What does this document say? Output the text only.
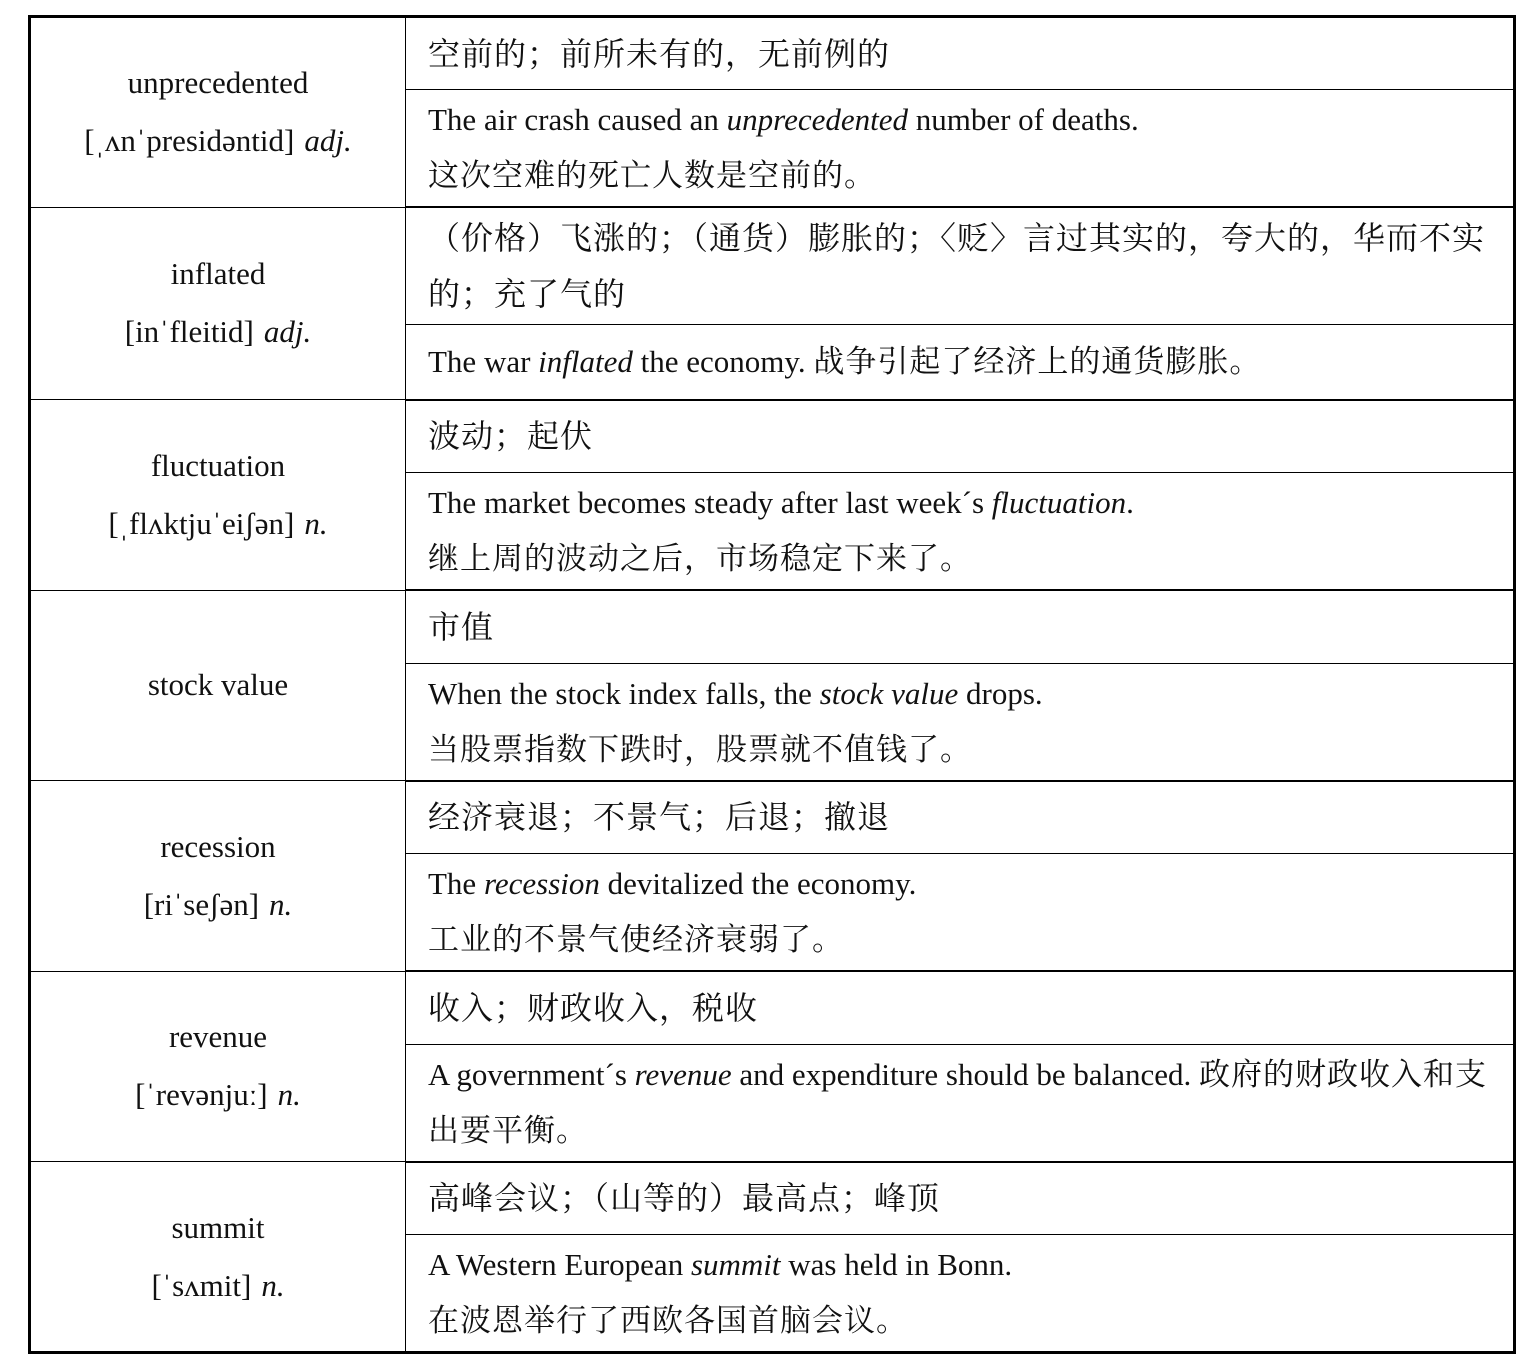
unprecedented
[ˌʌnˈpresidəntid] adj.	空前的；前所未有的，无前例的

	The air crash caused an unprecedented number of deaths.
这次空难的死亡人数是空前的。

inflated
[inˈfleitid] adj.	（价格）飞涨的；（通货）膨胀的；〈贬〉言过其实的，夸大的，华而不实的；充了气的
	The war inflated the economy. 战争引起了经济上的通货膨胀。

fluctuation
[ˌflʌktjuˈeiʃən] n.	波动；起伏

	The market becomes steady after last week´s fluctuation.
继上周的波动之后，市场稳定下来了。

stock value	市值

	When the stock index falls, the stock value drops.
当股票指数下跌时，股票就不值钱了。

recession
[riˈseʃən] n.	经济衰退；不景气；后退；撤退

	The recession devitalized the economy.
工业的不景气使经济衰弱了。

revenue
[ˈrevənjuː] n.	收入；财政收入，税收
	A government´s revenue and expenditure should be balanced. 政府的财政收入和支出要平衡。

summit
[ˈsʌmit] n.	高峰会议；（山等的）最高点；峰顶

	A Western European summit was held in Bonn.
在波恩举行了西欧各国首脑会议。
